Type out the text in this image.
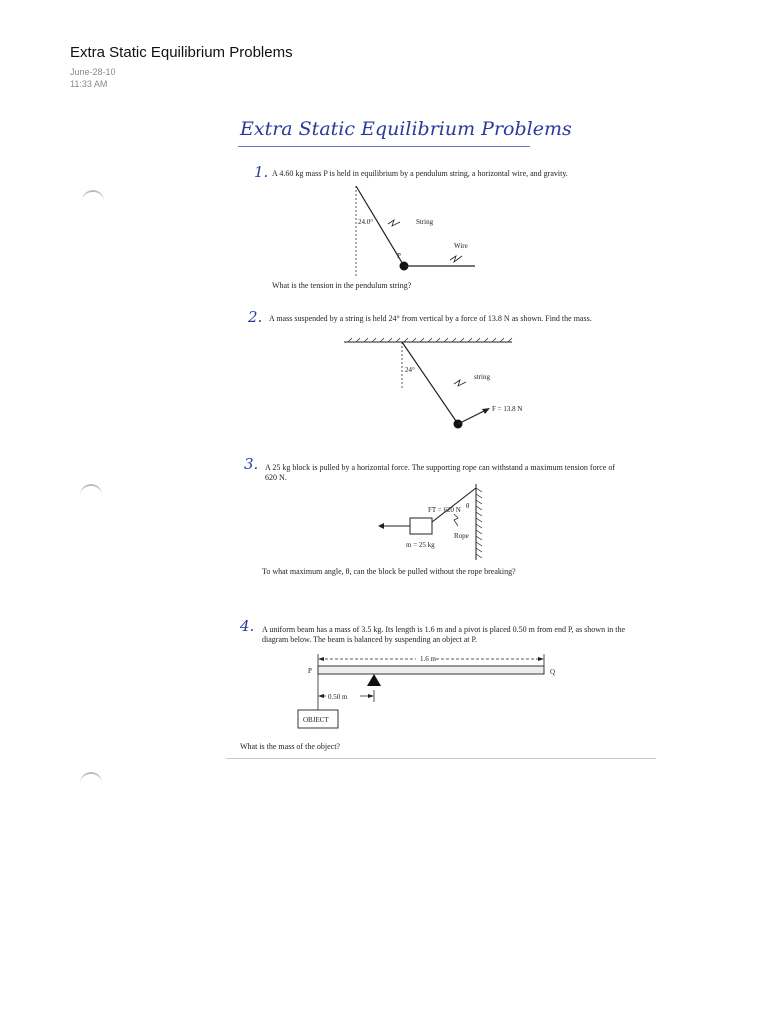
Extra Static Equilibrium Problems
June-28-10
11:33 AM
Extra Static Equilibrium Problems
1. A 4.60 kg mass P is held in equilibrium by a pendulum string, a horizontal wire, and gravity.
24.0°	String
P
Wire
What is the tension in the pendulum string?
2. A mass suspended by a string is held 24° from vertical by a force of 13.8 N as shown. Find the mass.
24°
string
F = 13.8 N
3. A 25 kg block is pulled by a horizontal force. The supporting rope can withstand a maximum tension force of 620 N.
FT = 620 N θ
Rope
m = 25 kg
To what maximum angle, θ, can the block be pulled without the rope breaking?
4. A uniform beam has a mass of 3.5 kg. Its length is 1.6 m and a pivot is placed 0.50 m from end P, as shown in the diagram below. The beam is balanced by suspending an object at P.
1.6 m
P	Q
0.50 m
OBJECT
What is the mass of the object?
